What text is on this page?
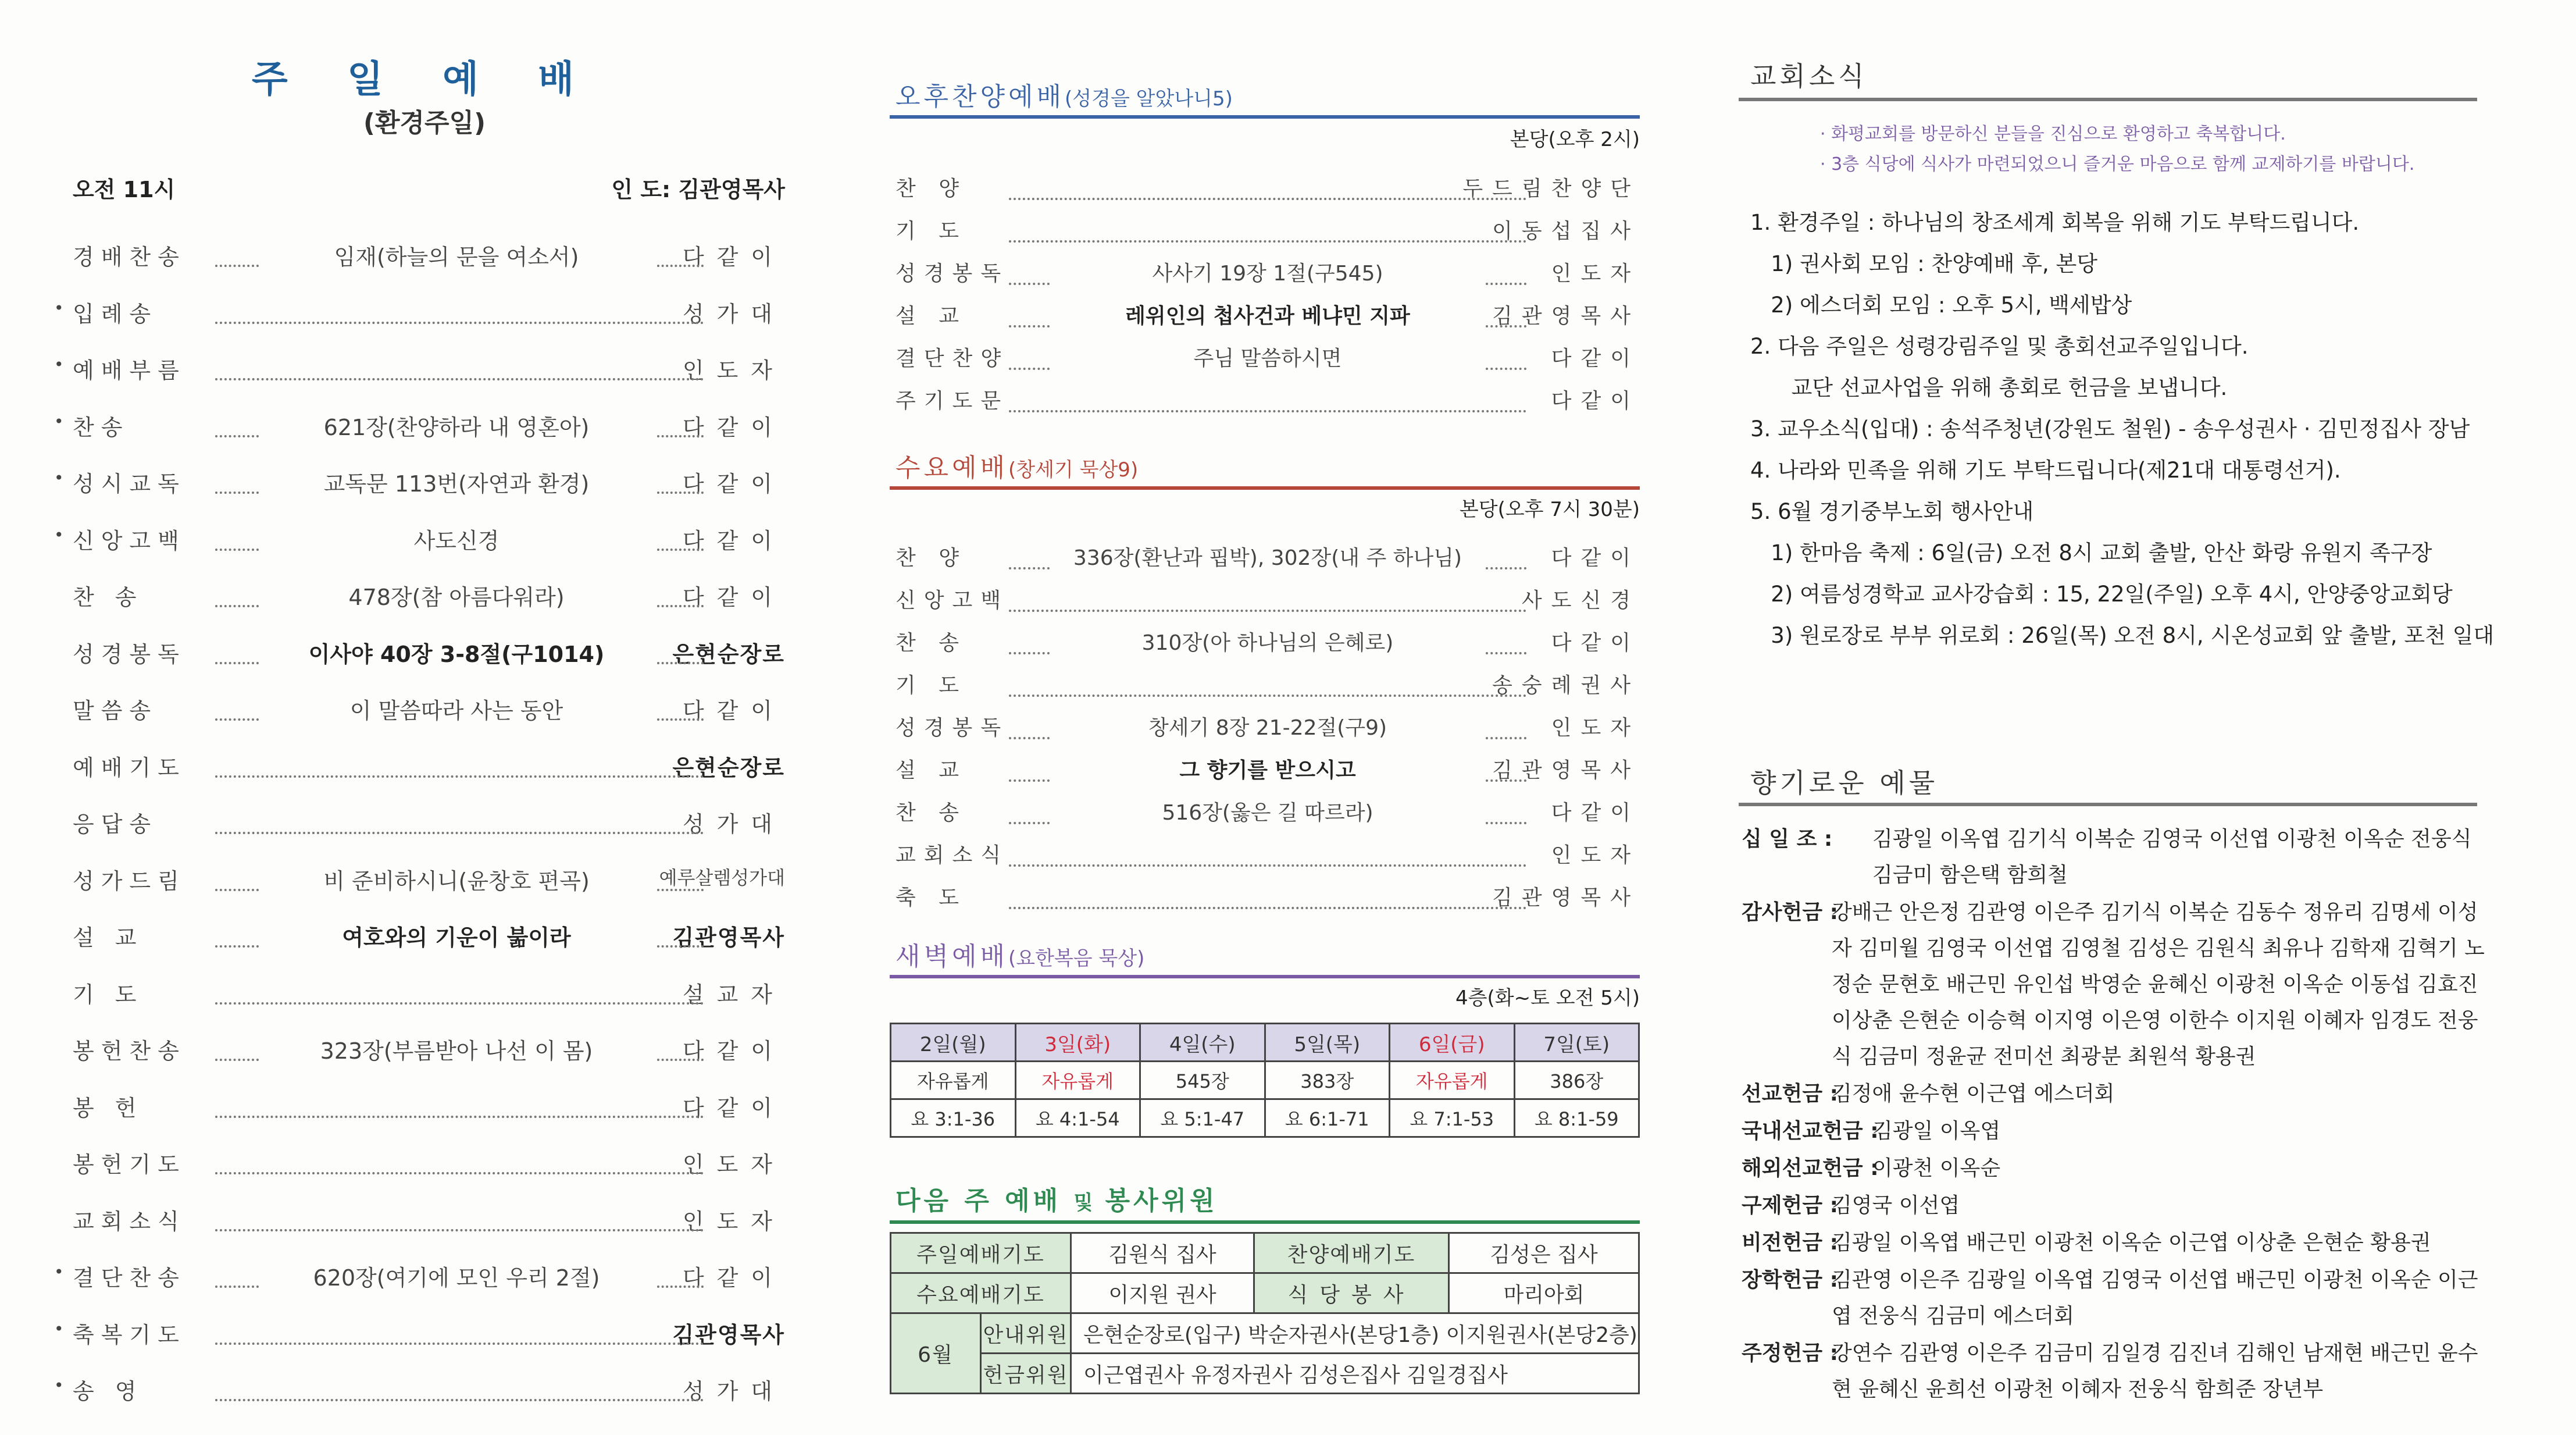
주 일 예 배
(환경주일)
오전 11시	인 도: 김관영목사
경배찬송	임재(하늘의 문을 여소서)	다같이
• 입례송	성가대
• 예배부름	인도자
• 찬송	621장(찬양하라 내 영혼아)	다같이
• 성시교독	교독문 113번(자연과 환경)	다같이
• 신앙고백	사도신경	다같이
찬 송	478장(참 아름다워라)	다같이
성경봉독	이사야 40장 3-8절(구1014)	은현순장로
말씀송	이 말씀따라 사는 동안	다같이
예배기도	은현순장로
응답송	성가대
성가드림	비 준비하시니(윤창호 편곡)	예루살렘성가대
설 교	여호와의 기운이 붊이라	김관영목사
기 도	설교자
봉헌찬송	323장(부름받아 나선 이 몸)	다같이
봉 헌	다같이
봉헌기도	인도자
교회소식	인도자
• 결단찬송	620장(여기에 모인 우리 2절)	다같이
• 축복기도	김관영목사
• 송 영	성가대
오후찬양예배(성경을 알았나니5)
본당(오후 2시)
찬 양	두드림찬양단
기 도	이동섭집사
성경봉독	사사기 19장 1절(구545)	인도자
설 교	레위인의 첩사건과 베냐민 지파	김관영목사
결단찬양	주님 말씀하시면	다같이
주기도문	다같이
수요예배(창세기 묵상9)
본당(오후 7시 30분)
찬 양	336장(환난과 핍박), 302장(내 주 하나님)	다같이
신앙고백	사도신경
찬 송	310장(아 하나님의 은혜로)	다같이
기 도	송숭례권사
성경봉독	창세기 8장 21-22절(구9)	인도자
설 교	그 향기를 받으시고	김관영목사
찬 송	516장(옳은 길 따르라)	다같이
교회소식	인도자
축 도	김관영목사
새벽예배(요한복음 묵상)
4층(화~토 오전 5시)
2일(월)	3일(화)	4일(수)	5일(목)	6일(금)	7일(토)
자유롭게	자유롭게	545장	383장	자유롭게	386장
요 3:1-36	요 4:1-54	요 5:1-47	요 6:1-71	요 7:1-53	요 8:1-59
다음 주 예배 및 봉사위원
주일예배기도		김원식 집사	찬양예배기도	김성은 집사
수요예배기도		이지원 권사	식당봉사	마리아회
6월	안내위원	은현순장로(입구) 박순자권사(본당1층) 이지원권사(본당2층)		
	헌금위원	이근엽권사 유정자권사 김성은집사 김일경집사		
교회소식
· 화평교회를 방문하신 분들을 진심으로 환영하고 축복합니다.
· 3층 식당에 식사가 마련되었으니 즐거운 마음으로 함께 교제하기를 바랍니다.
1. 환경주일 : 하나님의 창조세계 회복을 위해 기도 부탁드립니다.
1) 권사회 모임 : 찬양예배 후, 본당
2) 에스더회 모임 : 오후 5시, 백세밥상
2. 다음 주일은 성령강림주일 및 총회선교주일입니다.
교단 선교사업을 위해 총회로 헌금을 보냅니다.
3. 교우소식(입대) : 송석주청년(강원도 철원) - 송우성권사 · 김민정집사 장남
4. 나라와 민족을 위해 기도 부탁드립니다(제21대 대통령선거).
5. 6월 경기중부노회 행사안내
1) 한마음 축제 : 6일(금) 오전 8시 교회 출발, 안산 화랑 유원지 족구장
2) 여름성경학교 교사강습회 : 15, 22일(주일) 오후 4시, 안양중앙교회당
3) 원로장로 부부 위로회 : 26일(목) 오전 8시, 시온성교회 앞 출발, 포천 일대
향기로운 예물
십 일 조 : 김광일 이옥엽 김기식 이복순 김영국 이선엽 이광천 이옥순 전웅식 김금미 함은택 함희철
감사헌금 :
강배근 안은정 김관영 이은주 김기식 이복순 김동수 정유리 김명세 이성자 김미월 김영국 이선엽 김영철 김성은 김원식 최유나 김학재 김혁기 노정순 문현호 배근민 유인섭 박영순 윤혜신 이광천 이옥순 이동섭 김효진 이상춘 은현순 이승혁 이지영 이은영 이한수 이지원 이혜자 임경도 전웅식 김금미 정윤균 전미선 최광분 최원석 황용권
선교헌금 :
김정애 윤수현 이근엽 에스더회
국내선교헌금 :
김광일 이옥엽
해외선교헌금 :
이광천 이옥순
구제헌금 :
김영국 이선엽
비전헌금 :
김광일 이옥엽 배근민 이광천 이옥순 이근엽 이상춘 은현순 황용권
장학헌금 :
김관영 이은주 김광일 이옥엽 김영국 이선엽 배근민 이광천 이옥순 이근엽 전웅식 김금미 에스더회
주정헌금 :
강연수 김관영 이은주 김금미 김일경 김진녀 김해인 남재현 배근민 윤수현 윤혜신 윤희선 이광천 이혜자 전웅식 함희준 장년부
